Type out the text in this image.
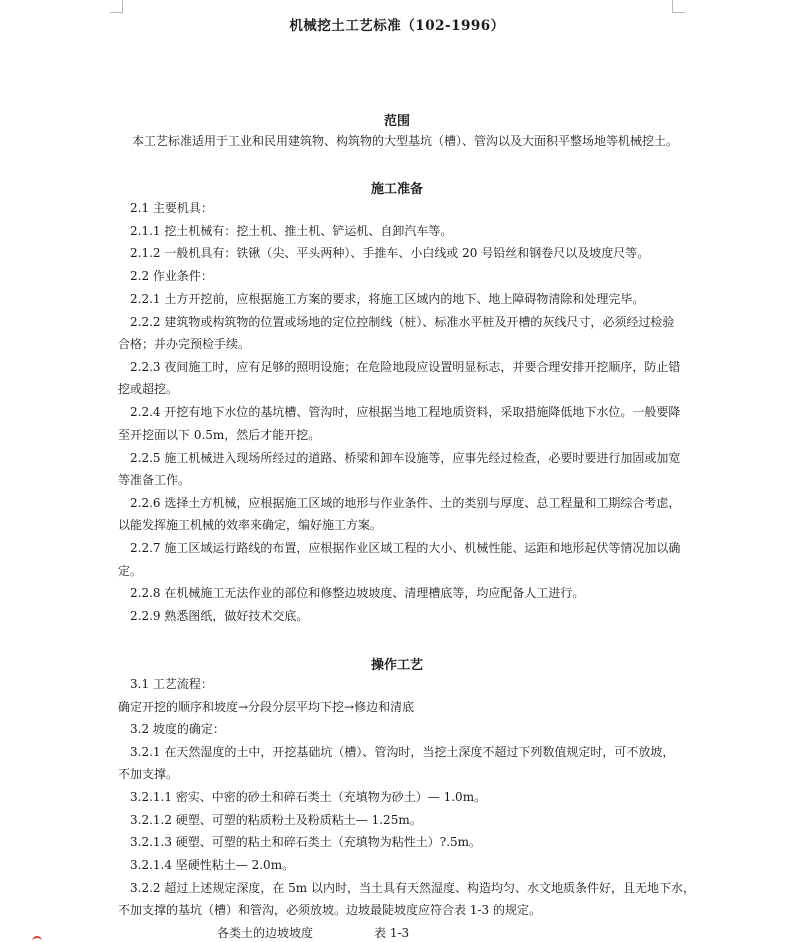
机械挖土工艺标准（102-1996）
范围
本工艺标准适用于工业和民用建筑物、构筑物的大型基坑（槽）、管沟以及大面积平整场地等机械挖土。
施工准备
2.1 主要机具：
2.1.1 挖土机械有：挖土机、推土机、铲运机、自卸汽车等。
2.1.2 一般机具有：铁锹（尖、平头两种）、手推车、小白线或 20 号铅丝和钢卷尺以及坡度尺等。
2.2 作业条件：
2.2.1 土方开挖前，应根据施工方案的要求，将施工区域内的地下、地上障碍物清除和处理完毕。
2.2.2 建筑物或构筑物的位置或场地的定位控制线（桩）、标准水平桩及开槽的灰线尺寸，必须经过检验
合格；并办完预检手续。
2.2.3 夜间施工时，应有足够的照明设施；在危险地段应设置明显标志，并要合理安排开挖顺序，防止错
挖或超挖。
2.2.4 开挖有地下水位的基坑槽、管沟时，应根据当地工程地质资料，采取措施降低地下水位。一般要降
至开挖面以下 0.5m，然后才能开挖。
2.2.5 施工机械进入现场所经过的道路、桥梁和卸车设施等，应事先经过检查，必要时要进行加固或加宽
等准备工作。
2.2.6 选择土方机械，应根据施工区域的地形与作业条件、土的类别与厚度、总工程量和工期综合考虑，
以能发挥施工机械的效率来确定，编好施工方案。
2.2.7 施工区域运行路线的布置，应根据作业区域工程的大小、机械性能、运距和地形起伏等情况加以确
定。
2.2.8 在机械施工无法作业的部位和修整边坡坡度、清理槽底等，均应配备人工进行。
2.2.9 熟悉图纸，做好技术交底。
操作工艺
3.1 工艺流程：
确定开挖的顺序和坡度→分段分层平均下挖→修边和清底
3.2 坡度的确定：
3.2.1 在天然湿度的土中，开挖基础坑（槽）、管沟时，当挖土深度不超过下列数值规定时，可不放坡，
不加支撑。
3.2.1.1 密实、中密的砂土和碎石类土（充填物为砂土）— 1.0m。
3.2.1.2 硬塑、可塑的粘质粉土及粉质粘土— 1.25m。
3.2.1.3 硬塑、可塑的粘土和碎石类土（充填物为粘性土）?.5m。
3.2.1.4 坚硬性粘土— 2.0m。
3.2.2 超过上述规定深度，在 5m 以内时，当土具有天然湿度、构造均匀、水文地质条件好，且无地下水，
不加支撑的基坑（槽）和管沟，必须放坡。边坡最陡坡度应符合表 1-3 的规定。
各类土的边坡坡度	表 1-3
